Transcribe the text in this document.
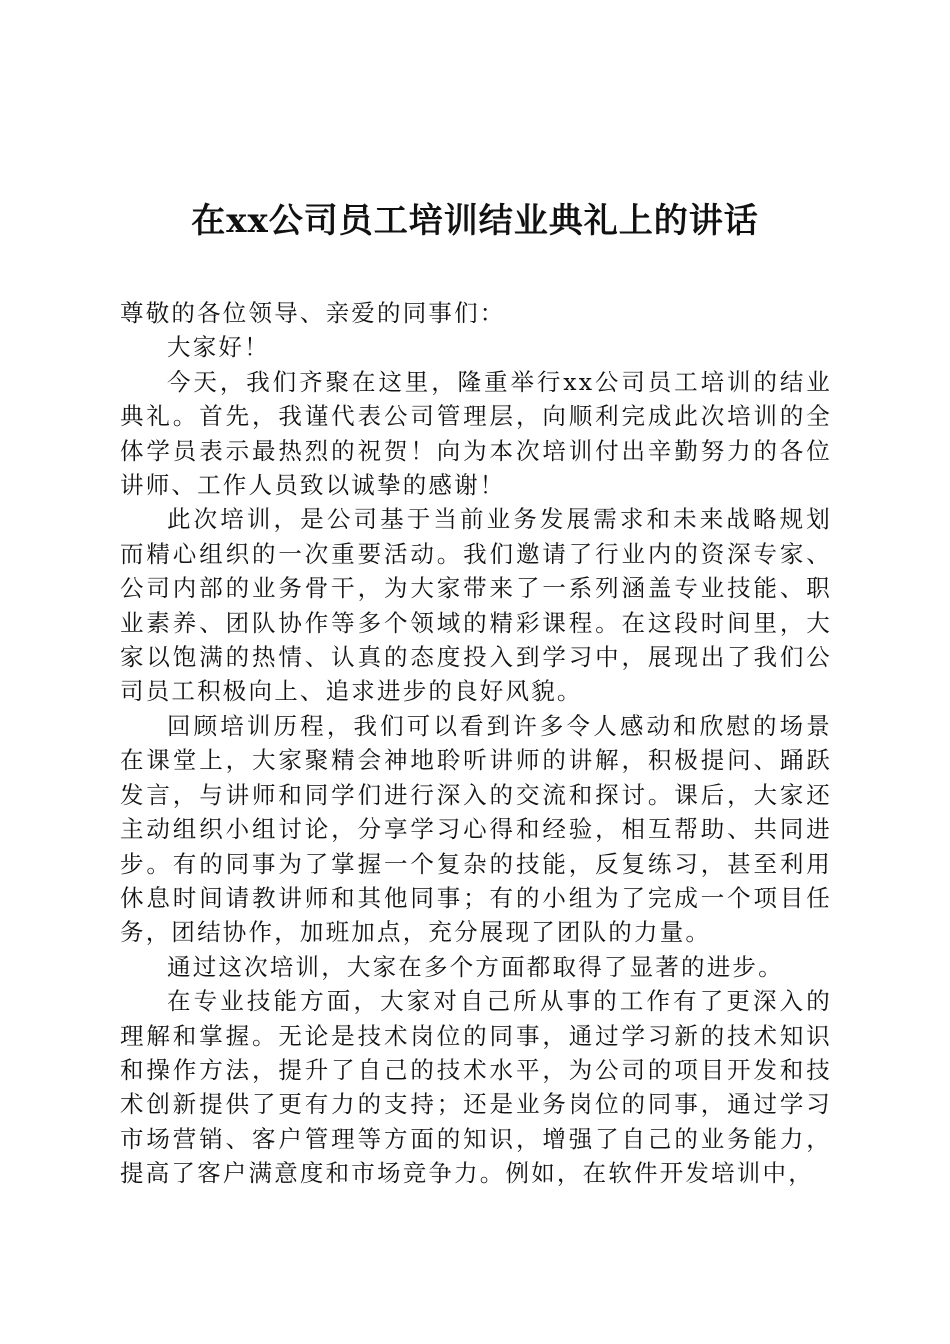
在xx公司员工培训结业典礼上的讲话

尊敬的各位领导、亲爱的同事们：

大家好！

今天，我们齐聚在这里，隆重举行xx公司员工培训的结业典礼。首先，我谨代表公司管理层，向顺利完成此次培训的全体学员表示最热烈的祝贺！向为本次培训付出辛勤努力的各位讲师、工作人员致以诚挚的感谢！

此次培训，是公司基于当前业务发展需求和未来战略规划而精心组织的一次重要活动。我们邀请了行业内的资深专家、公司内部的业务骨干，为大家带来了一系列涵盖专业技能、职业素养、团队协作等多个领域的精彩课程。在这段时间里，大家以饱满的热情、认真的态度投入到学习中，展现出了我们公司员工积极向上、追求进步的良好风貌。

回顾培训历程，我们可以看到许多令人感动和欣慰的场景在课堂上，大家聚精会神地聆听讲师的讲解，积极提问、踊跃发言，与讲师和同学们进行深入的交流和探讨。课后，大家还主动组织小组讨论，分享学习心得和经验，相互帮助、共同进步。有的同事为了掌握一个复杂的技能，反复练习，甚至利用休息时间请教讲师和其他同事；有的小组为了完成一个项目任务，团结协作，加班加点，充分展现了团队的力量。

通过这次培训，大家在多个方面都取得了显著的进步。

在专业技能方面，大家对自己所从事的工作有了更深入的理解和掌握。无论是技术岗位的同事，通过学习新的技术知识和操作方法，提升了自己的技术水平，为公司的项目开发和技术创新提供了更有力的支持；还是业务岗位的同事，通过学习市场营销、客户管理等方面的知识，增强了自己的业务能力，提高了客户满意度和市场竞争力。例如，在软件开发培训中，
